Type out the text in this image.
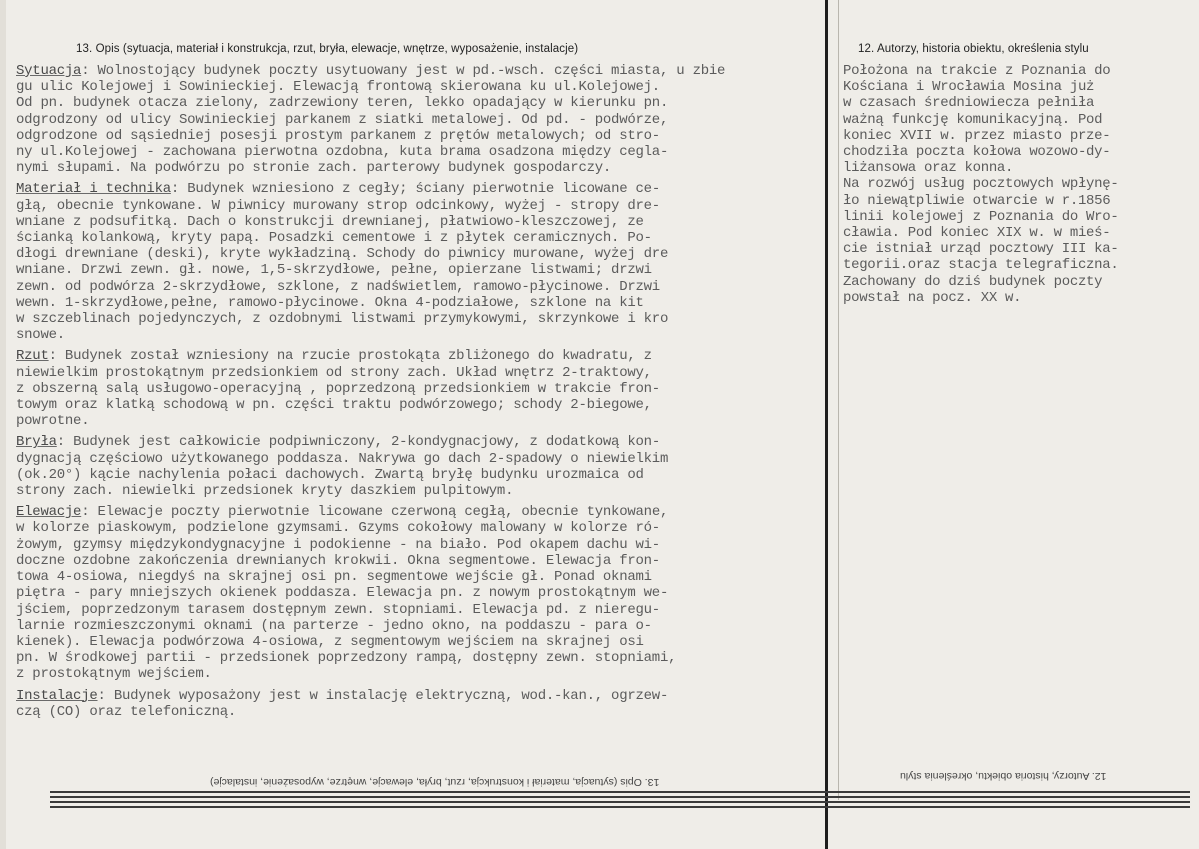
13. Opis (sytuacja, materiał i konstrukcja, rzut, bryła, elewacje, wnętrze, wyposażenie, instalacje)	12. Autorzy, historia obiektu, określenia stylu

Sytuacja: Wolnostojący budynek poczty usytuowany jest w pd.-wsch. części miasta, u zbie
gu ulic Kolejowej i Sowinieckiej. Elewacją frontową skierowana ku ul.Kolejowej.
Od pn. budynek otacza zielony, zadrzewiony teren, lekko opadający w kierunku pn.
odgrodzony od ulicy Sowinieckiej parkanem z siatki metalowej. Od pd. - podwórze,
odgrodzone od sąsiedniej posesji prostym parkanem z prętów metalowych; od stro-
ny ul.Kolejowej - zachowana pierwotna ozdobna, kuta brama osadzona między cegla-
nymi słupami. Na podwórzu po stronie zach. parterowy budynek gospodarczy.

Materiał i technika: Budynek wzniesiono z cegły; ściany pierwotnie licowane ce-
głą, obecnie tynkowane. W piwnicy murowany strop odcinkowy, wyżej - stropy dre-
wniane z podsufitką. Dach o konstrukcji drewnianej, płatwiowo-kleszczowej, ze
ścianką kolankową, kryty papą. Posadzki cementowe i z płytek ceramicznych. Po-
dłogi drewniane (deski), kryte wykładziną. Schody do piwnicy murowane, wyżej dre
wniane. Drzwi zewn. gł. nowe, 1,5-skrzydłowe, pełne, opierzane listwami; drzwi
zewn. od podwórza 2-skrzydłowe, szklone, z nadświetlem, ramowo-płycinowe. Drzwi
wewn. 1-skrzydłowe,pełne, ramowo-płycinowe. Okna 4-podziałowe, szklone na kit
w szczeblinach pojedynczych, z ozdobnymi listwami przymykowymi, skrzynkowe i kro
snowe.

Rzut: Budynek został wzniesiony na rzucie prostokąta zbliżonego do kwadratu, z
niewielkim prostokątnym przedsionkiem od strony zach. Układ wnętrz 2-traktowy,
z obszerną salą usługowo-operacyjną , poprzedzoną przedsionkiem w trakcie fron-
towym oraz klatką schodową w pn. części traktu podwórzowego; schody 2-biegowe,
powrotne.

Bryła: Budynek jest całkowicie podpiwniczony, 2-kondygnacjowy, z dodatkową kon-
dygnacją częściowo użytkowanego poddasza. Nakrywa go dach 2-spadowy o niewielkim
(ok.20°) kącie nachylenia połaci dachowych. Zwartą bryłę budynku urozmaica od
strony zach. niewielki przedsionek kryty daszkiem pulpitowym.

Elewacje: Elewacje poczty pierwotnie licowane czerwoną cegłą, obecnie tynkowane,
w kolorze piaskowym, podzielone gzymsami. Gzyms cokołowy malowany w kolorze ró-
żowym, gzymsy międzykondygnacyjne i podokienne - na biało. Pod okapem dachu wi-
doczne ozdobne zakończenia drewnianych krokwii. Okna segmentowe. Elewacja fron-
towa 4-osiowa, niegdyś na skrajnej osi pn. segmentowe wejście gł. Ponad oknami
piętra - pary mniejszych okienek poddasza. Elewacja pn. z nowym prostokątnym we-
jściem, poprzedzonym tarasem dostępnym zewn. stopniami. Elewacja pd. z nieregu-
larnie rozmieszczonymi oknami (na parterze - jedno okno, na poddaszu - para o-
kienek). Elewacja podwórzowa 4-osiowa, z segmentowym wejściem na skrajnej osi
pn. W środkowej partii - przedsionek poprzedzony rampą, dostępny zewn. stopniami,
z prostokątnym wejściem.

Instalacje: Budynek wyposażony jest w instalację elektryczną, wod.-kan., ogrzew-
czą (CO) oraz telefoniczną.

Położona na trakcie z Poznania do
Kościana i Wrocławia Mosina już
w czasach średniowiecza pełniła
ważną funkcję komunikacyjną. Pod
koniec XVII w. przez miasto prze-
chodziła poczta kołowa wozowo-dy-
liżansowa oraz konna.
Na rozwój usług pocztowych wpłynę-
ło niewątpliwie otwarcie w r.1856
linii kolejowej z Poznania do Wro-
cławia. Pod koniec XIX w. w mieś-
cie istniał urząd pocztowy III ka-
tegorii.oraz stacja telegraficzna.
Zachowany do dziś budynek poczty
powstał na pocz. XX w.

13. Opis (sytuacja, materiał i konstrukcja, rzut, bryła, elewacje, wnętrze, wyposażenie, instalacje)	12. Autorzy, historia obiektu, określenia stylu
